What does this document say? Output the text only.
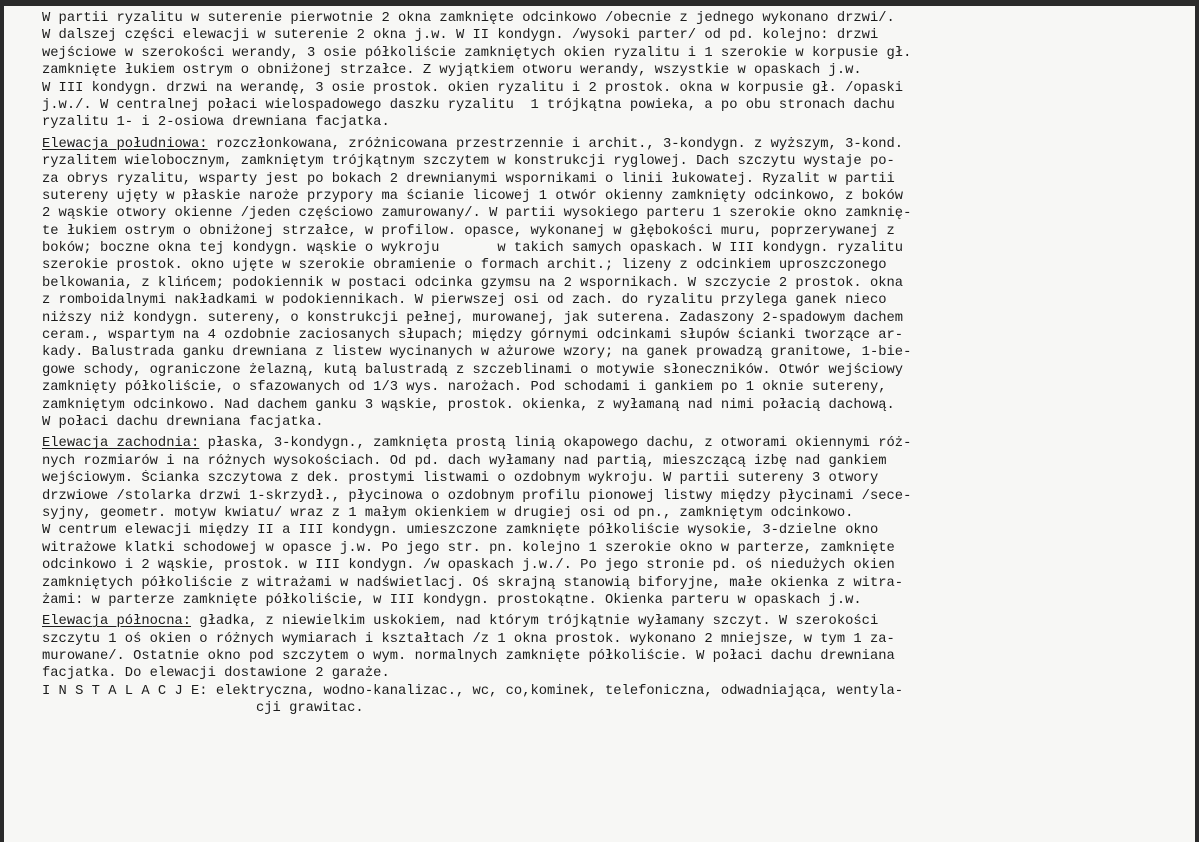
W partii ryzalitu w suterenie pierwotnie 2 okna zamknięte odcinkowo /obecnie z jednego wykonano drzwi/.
W dalszej części elewacji w suterenie 2 okna j.w. W II kondygn. /wysoki parter/ od pd. kolejno: drzwi
wejściowe w szerokości werandy, 3 osie półkoliście zamkniętych okien ryzalitu i 1 szerokie w korpusie gł.
zamknięte łukiem ostrym o obniżonej strzałce. Z wyjątkiem otworu werandy, wszystkie w opaskach j.w.
W III kondygn. drzwi na werandę, 3 osie prostok. okien ryzalitu i 2 prostok. okna w korpusie gł. /opaski
j.w./. W centralnej połaci wielospadowego daszku ryzalitu  1 trójkątna powieka, a po obu stronach dachu
ryzalitu 1- i 2-osiowa drewniana facjatka.
Elewacja południowa: rozczłonkowana, zróżnicowana przestrzennie i archit., 3-kondygn. z wyższym, 3-kond.
ryzalitem wielobocznym, zamkniętym trójkątnym szczytem w konstrukcji ryglowej. Dach szczytu wystaje po-
za obrys ryzalitu, wsparty jest po bokach 2 drewnianymi wspornikami o linii łukowatej. Ryzalit w partii
sutereny ujęty w płaskie naroże przypory ma ścianie licowej 1 otwór okienny zamknięty odcinkowo, z boków
2 wąskie otwory okienne /jeden częściowo zamurowany/. W partii wysokiego parteru 1 szerokie okno zamknię-
te łukiem ostrym o obniżonej strzałce, w profilow. opasce, wykonanej w głębokości muru, poprzerywanej z
boków; boczne okna tej kondygn. wąskie o wykroju       w takich samych opaskach. W III kondygn. ryzalitu
szerokie prostok. okno ujęte w szerokie obramienie o formach archit.; lizeny z odcinkiem uproszczonego
belkowania, z klińcem; podokiennik w postaci odcinka gzymsu na 2 wspornikach. W szczycie 2 prostok. okna
z romboidalnymi nakładkami w podokiennikach. W pierwszej osi od zach. do ryzalitu przylega ganek nieco
niższy niż kondygn. sutereny, o konstrukcji pełnej, murowanej, jak suterena. Zadaszony 2-spadowym dachem
ceram., wspartym na 4 ozdobnie zaciosanych słupach; między górnymi odcinkami słupów ścianki tworzące ar-
kady. Balustrada ganku drewniana z listew wycinanych w ażurowe wzory; na ganek prowadzą granitowe, 1-bie-
gowe schody, ograniczone żelazną, kutą balustradą z szczeblinami o motywie słoneczników. Otwór wejściowy
zamknięty półkoliście, o sfazowanych od 1/3 wys. narożach. Pod schodami i gankiem po 1 oknie sutereny,
zamkniętym odcinkowo. Nad dachem ganku 3 wąskie, prostok. okienka, z wyłamaną nad nimi połacią dachową.
W połaci dachu drewniana facjatka.
Elewacja zachodnia: płaska, 3-kondygn., zamknięta prostą linią okapowego dachu, z otworami okiennymi róż-
nych rozmiarów i na różnych wysokościach. Od pd. dach wyłamany nad partią, mieszczącą izbę nad gankiem
wejściowym. Ścianka szczytowa z dek. prostymi listwami o ozdobnym wykroju. W partii sutereny 3 otwory
drzwiowe /stolarka drzwi 1-skrzydł., płycinowa o ozdobnym profilu pionowej listwy między płycinami /sece-
syjny, geometr. motyw kwiatu/ wraz z 1 małym okienkiem w drugiej osi od pn., zamkniętym odcinkowo.
W centrum elewacji między II a III kondygn. umieszczone zamknięte półkoliście wysokie, 3-dzielne okno
witrażowe klatki schodowej w opasce j.w. Po jego str. pn. kolejno 1 szerokie okno w parterze, zamknięte
odcinkowo i 2 wąskie, prostok. w III kondygn. /w opaskach j.w./. Po jego stronie pd. oś niedużych okien
zamkniętych półkoliście z witrażami w nadświetlacj. Oś skrajną stanowią biforyjne, małe okienka z witra-
żami: w parterze zamknięte półkoliście, w III kondygn. prostokątne. Okienka parteru w opaskach j.w.
Elewacja północna: gładka, z niewielkim uskokiem, nad którym trójkątnie wyłamany szczyt. W szerokości
szczytu 1 oś okien o różnych wymiarach i kształtach /z 1 okna prostok. wykonano 2 mniejsze, w tym 1 za-
murowane/. Ostatnie okno pod szczytem o wym. normalnych zamknięte półkoliście. W połaci dachu drewniana
facjatka. Do elewacji dostawione 2 garaże.
I N S T A L A C J E: elektryczna, wodno-kanalizac., wc, co,kominek, telefoniczna, odwadniająca, wentyla-
cji grawitac.
